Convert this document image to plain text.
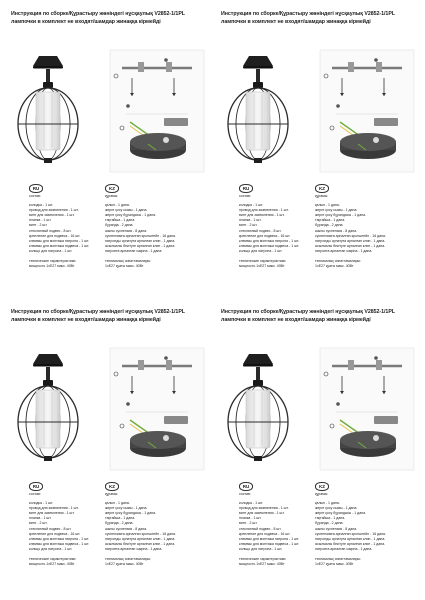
Инструкция по сборке/Құрастыру жөніндегі нұсқаулық V2852-1/1PL
лампочки в комплект не входят/шамдар жинаққа кірмейді
RU	KZ
состав:
колодка - 1 шт.
провод для заземления - 1 шт.
винт для заземления - 1 шт.
планка - 1 шт.
винт - 2 шт.
стеклянный подвес - 8 шт.
крепление для подвеса - 16 шт.
клеммы для монтажа патрона - 1 шт.
клеммы для монтажа подвеса - 1 шт.
кольцо для патрона - 1 шт.
технические характеристики:
мощность 1xE27 макс. 40Вт
құрамы:
қалып - 1 дана.
жерге қосу сымы - 1 дана.
жерге қосу бұрандасы - 1 дана.
тақтайша - 1 дана.
бұранда - 2 дана.
шыны суспензия - 8 дана.
суспензияға арналған кронштейн - 16 дана.
патронды орнатуға арналған клип - 1 дана.
асылмалы бекітуге арналған клип - 1 дана.
патронға арналған сақина - 1 дана.
техникалық сипаттамалары:
1xE27 қуаты макс. 40Вт
Инструкция по сборке/Құрастыру жөніндегі нұсқаулық V2852-1/1PL
лампочки в комплект не входят/шамдар жинаққа кірмейді
RU	KZ
состав:
колодка - 1 шт.
провод для заземления - 1 шт.
винт для заземления - 1 шт.
планка - 1 шт.
винт - 2 шт.
стеклянный подвес - 8 шт.
крепление для подвеса - 16 шт.
клеммы для монтажа патрона - 1 шт.
клеммы для монтажа подвеса - 1 шт.
кольцо для патрона - 1 шт.
технические характеристики:
мощность 1xE27 макс. 40Вт
құрамы:
қалып - 1 дана.
жерге қосу сымы - 1 дана.
жерге қосу бұрандасы - 1 дана.
тақтайша - 1 дана.
бұранда - 2 дана.
шыны суспензия - 8 дана.
суспензияға арналған кронштейн - 16 дана.
патронды орнатуға арналған клип - 1 дана.
асылмалы бекітуге арналған клип - 1 дана.
патронға арналған сақина - 1 дана.
техникалық сипаттамалары:
1xE27 қуаты макс. 40Вт
Инструкция по сборке/Құрастыру жөніндегі нұсқаулық V2852-1/1PL
лампочки в комплект не входят/шамдар жинаққа кірмейді
RU	KZ
состав:
колодка - 1 шт.
провод для заземления - 1 шт.
винт для заземления - 1 шт.
планка - 1 шт.
винт - 2 шт.
стеклянный подвес - 8 шт.
крепление для подвеса - 16 шт.
клеммы для монтажа патрона - 1 шт.
клеммы для монтажа подвеса - 1 шт.
кольцо для патрона - 1 шт.
технические характеристики:
мощность 1xE27 макс. 40Вт
құрамы:
қалып - 1 дана.
жерге қосу сымы - 1 дана.
жерге қосу бұрандасы - 1 дана.
тақтайша - 1 дана.
бұранда - 2 дана.
шыны суспензия - 8 дана.
суспензияға арналған кронштейн - 16 дана.
патронды орнатуға арналған клип - 1 дана.
асылмалы бекітуге арналған клип - 1 дана.
патронға арналған сақина - 1 дана.
техникалық сипаттамалары:
1xE27 қуаты макс. 40Вт
Инструкция по сборке/Құрастыру жөніндегі нұсқаулық V2852-1/1PL
лампочки в комплект не входят/шамдар жинаққа кірмейді
RU	KZ
состав:
колодка - 1 шт.
провод для заземления - 1 шт.
винт для заземления - 1 шт.
планка - 1 шт.
винт - 2 шт.
стеклянный подвес - 8 шт.
крепление для подвеса - 16 шт.
клеммы для монтажа патрона - 1 шт.
клеммы для монтажа подвеса - 1 шт.
кольцо для патрона - 1 шт.
технические характеристики:
мощность 1xE27 макс. 40Вт
құрамы:
қалып - 1 дана.
жерге қосу сымы - 1 дана.
жерге қосу бұрандасы - 1 дана.
тақтайша - 1 дана.
бұранда - 2 дана.
шыны суспензия - 8 дана.
суспензияға арналған кронштейн - 16 дана.
патронды орнатуға арналған клип - 1 дана.
асылмалы бекітуге арналған клип - 1 дана.
патронға арналған сақина - 1 дана.
техникалық сипаттамалары:
1xE27 қуаты макс. 40Вт
